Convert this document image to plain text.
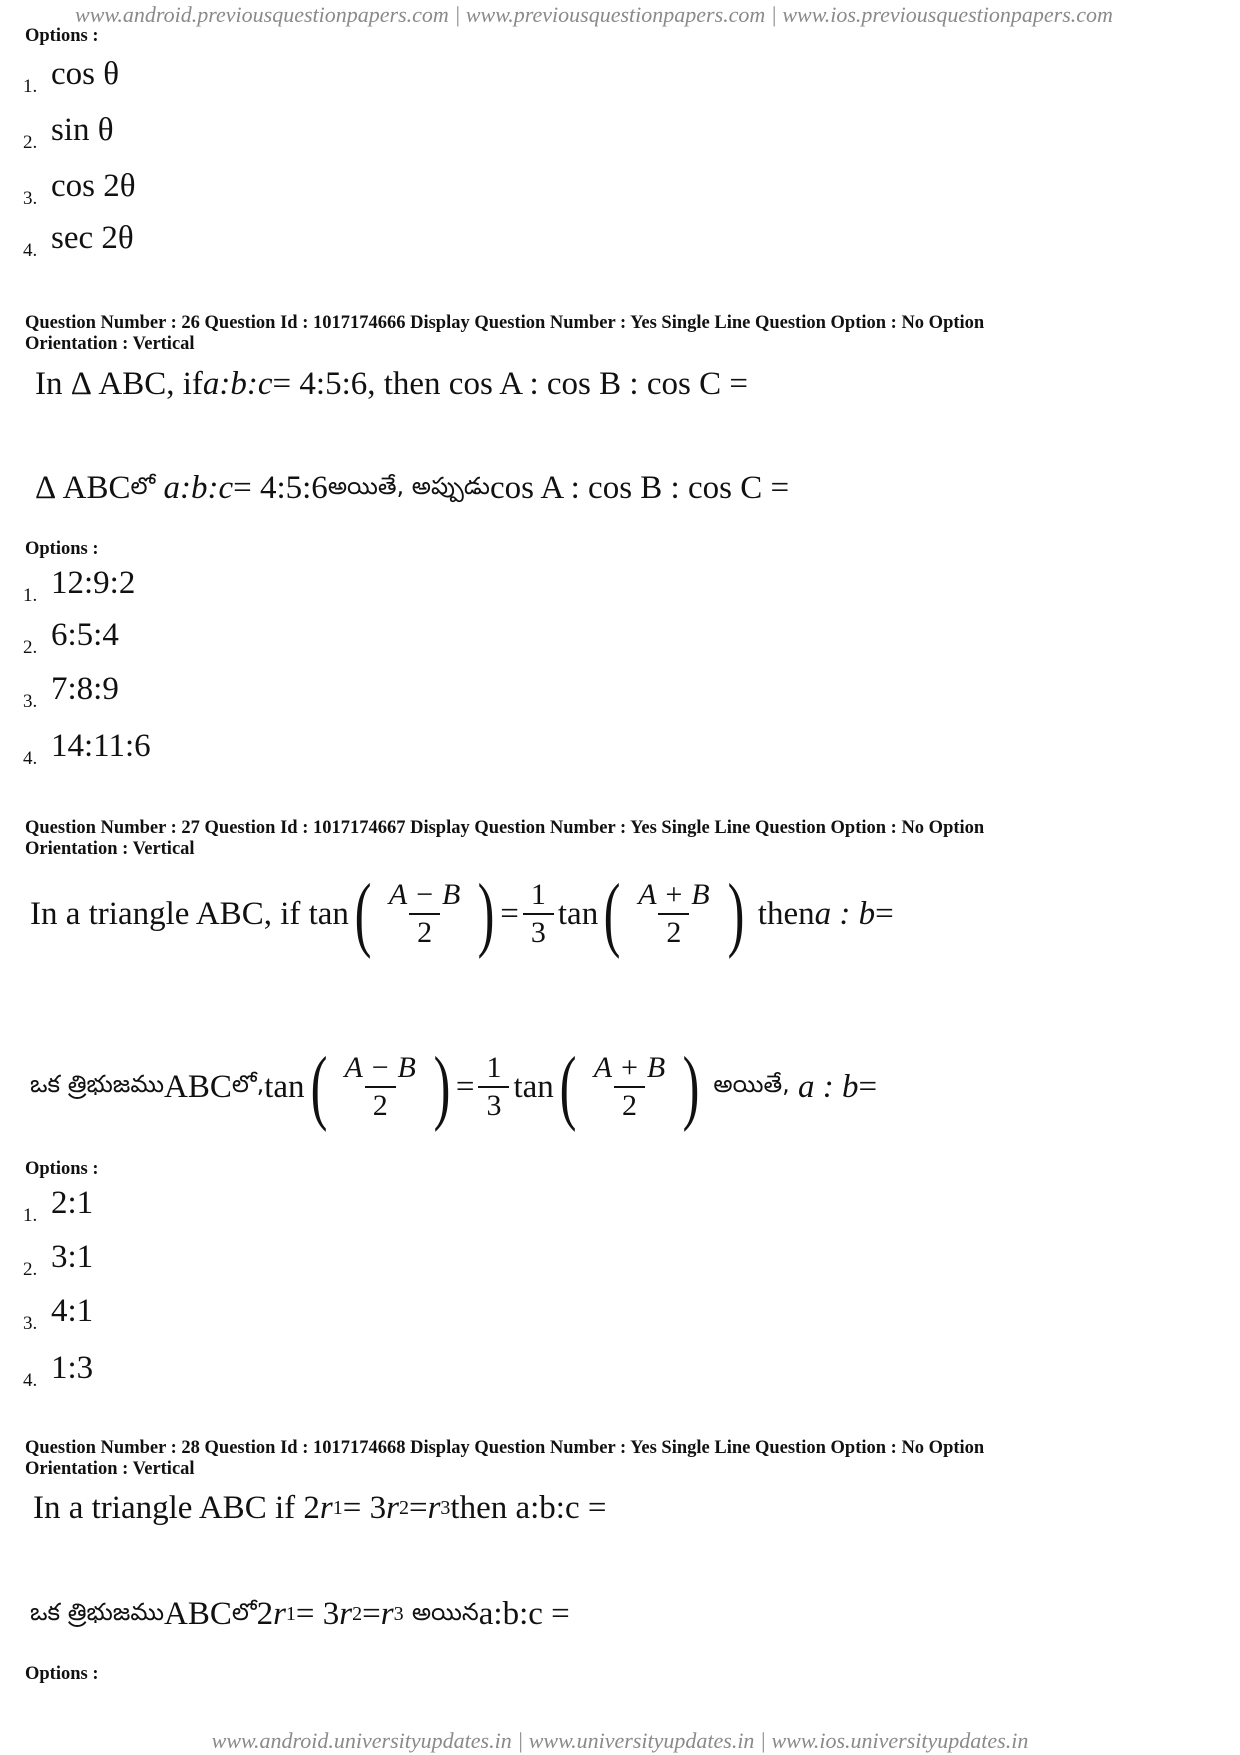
www.android.previousquestionpapers.com | www.previousquestionpapers.com | www.ios.previousquestionpapers.com
Options :
1. cos θ
2. sin θ
3. cos 2θ
4. sec 2θ
Question Number : 26 Question Id : 1017174666 Display Question Number : Yes Single Line Question Option : No Option
Orientation : Vertical
In Δ ABC, if a:b:c = 4:5:6, then cos A : cos B : cos C =
Δ ABC లో
a:b:c = 4:5:6 అయితే, అప్పుడు cos A : cos B : cos C =
Options :
1. 12:9:2
2. 6:5:4
3. 7:8:9
4. 14:11:6
Question Number : 27 Question Id : 1017174667 Display Question Number : Yes Single Line Question Option : No Option
Orientation : Vertical
In a triangle ABC, if tan ( $\frac{A - B}{2}$ ) = $\frac{1}{3}$ tan ( $\frac{A + B}{2}$ )
then a : b =
ఒక త్రిభుజము ABC లో, tan ( $\frac{A - B}{2}$ ) = $\frac{1}{3}$ tan ( $\frac{A + B}{2}$ )
అయితే,
a : b =
Options :
1. 2:1
2. 3:1
3. 4:1
4. 1:3
Question Number : 28 Question Id : 1017174668 Display Question Number : Yes Single Line Question Option : No Option
Orientation : Vertical
In a triangle ABC if 2 r 1 = 3 r 2 = r 3 then a:b:c =
ఒక త్రిభుజము ABC లో 2 r 1 = 3 r 2 = r 3
అయిన a:b:c =
Options :
www.android.universityupdates.in | www.universityupdates.in | www.ios.universityupdates.in
